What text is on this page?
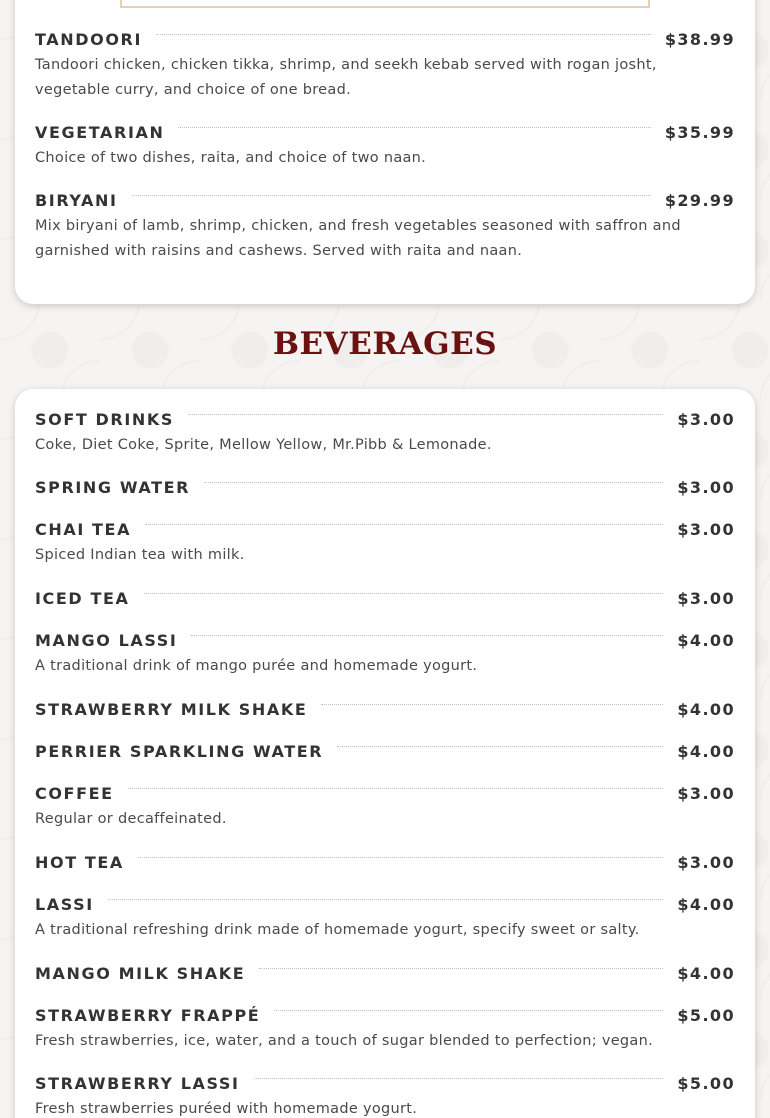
TANDOORI	$38.99
Tandoori chicken, chicken tikka, shrimp, and seekh kebab served with rogan josht, vegetable curry, and choice of one bread.
VEGETARIAN	$35.99
Choice of two dishes, raita, and choice of two naan.
BIRYANI	$29.99
Mix biryani of lamb, shrimp, chicken, and fresh vegetables seasoned with saffron and garnished with raisins and cashews. Served with raita and naan.
BEVERAGES
SOFT DRINKS	$3.00
Coke, Diet Coke, Sprite, Mellow Yellow, Mr.Pibb & Lemonade.
SPRING WATER	$3.00
CHAI TEA	$3.00
Spiced Indian tea with milk.
ICED TEA	$3.00
MANGO LASSI	$4.00
A traditional drink of mango purée and homemade yogurt.
STRAWBERRY MILK SHAKE	$4.00
PERRIER SPARKLING WATER	$4.00
COFFEE	$3.00
Regular or decaffeinated.
HOT TEA	$3.00
LASSI	$4.00
A traditional refreshing drink made of homemade yogurt, specify sweet or salty.
MANGO MILK SHAKE	$4.00
STRAWBERRY FRAPPÉ	$5.00
Fresh strawberries, ice, water, and a touch of sugar blended to perfection; vegan.
STRAWBERRY LASSI	$5.00
Fresh strawberries puréed with homemade yogurt.
